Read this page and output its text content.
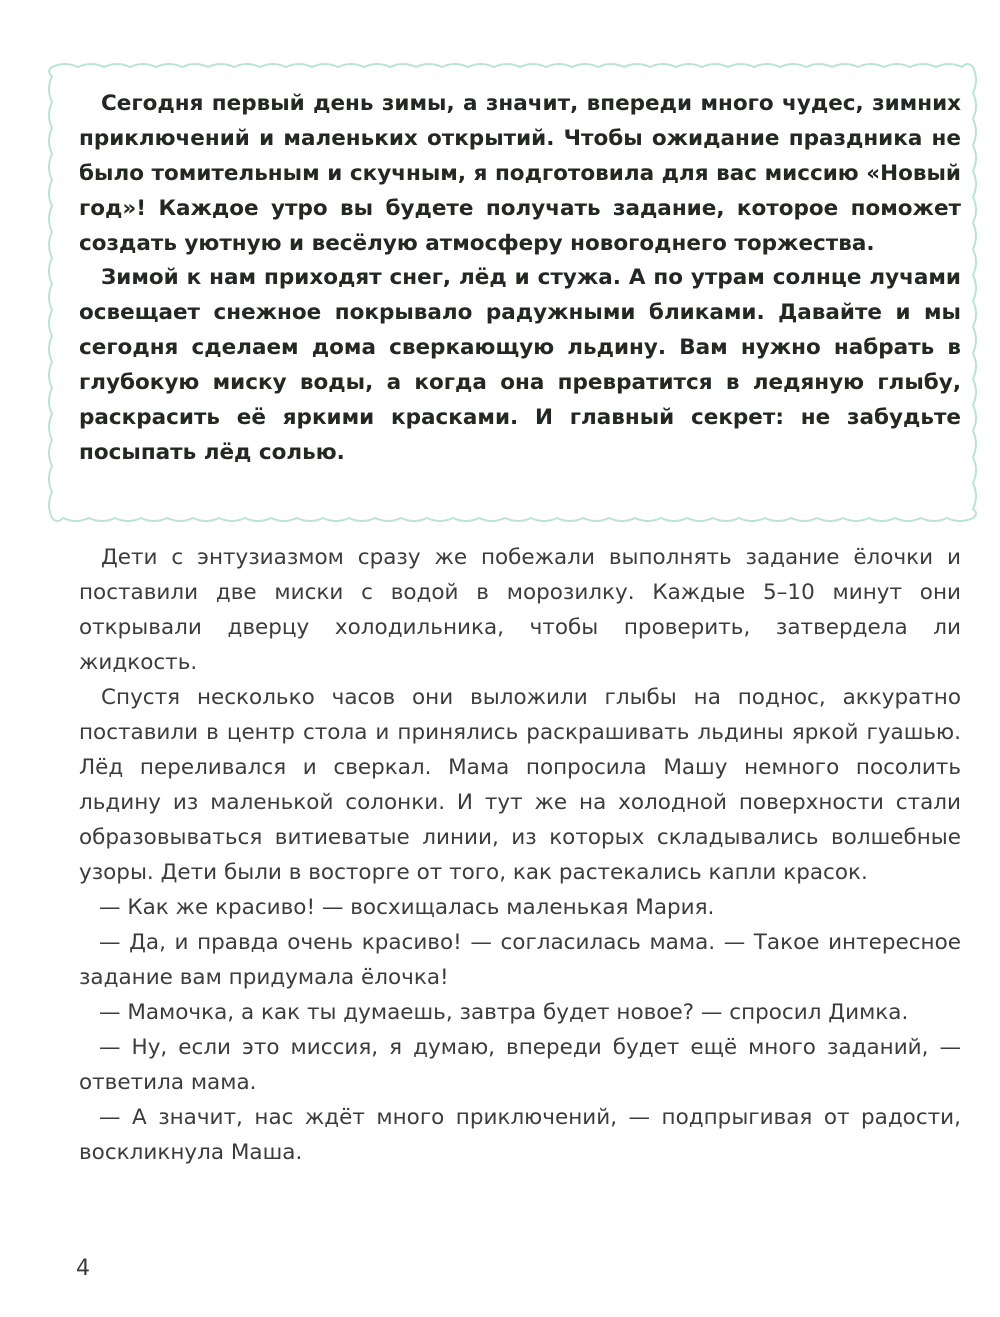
Сегодня первый день зимы, а значит, впереди много чудес, зимних приключений и маленьких открытий. Чтобы ожидание праздника не было томительным и скучным, я подготовила для вас миссию «Новый год»! Каждое утро вы будете получать задание, которое поможет создать уютную и весёлую атмосферу новогоднего торжества.

Зимой к нам приходят снег, лёд и стужа. А по утрам солнце лучами освещает снежное покрывало радужными бликами. Давайте и мы сегодня сделаем дома сверкающую льдину. Вам нужно набрать в глубокую миску воды, а когда она превратится в ледяную глыбу, раскрасить её яркими красками. И главный секрет: не забудьте посыпать лёд солью.

Дети с энтузиазмом сразу же побежали выполнять задание ёлочки и поставили две миски с водой в морозилку. Каждые 5–10 минут они открывали дверцу холодильника, чтобы проверить, затвердела ли жидкость.

Спустя несколько часов они выложили глыбы на поднос, аккуратно поставили в центр стола и принялись раскрашивать льдины яркой гуашью. Лёд переливался и сверкал. Мама попросила Машу немного посолить льдину из маленькой солонки. И тут же на холодной поверхности стали образовываться витиеватые линии, из которых складывались волшебные узоры. Дети были в восторге от того, как растекались капли красок.

— Как же красиво! — восхищалась маленькая Мария.

— Да, и правда очень красиво! — согласилась мама. — Такое интересное задание вам придумала ёлочка!

— Мамочка, а как ты думаешь, завтра будет новое? — спросил Димка.

— Ну, если это миссия, я думаю, впереди будет ещё много заданий, — ответила мама.

— А значит, нас ждёт много приключений, — подпрыгивая от радости, воскликнула Маша.

4
